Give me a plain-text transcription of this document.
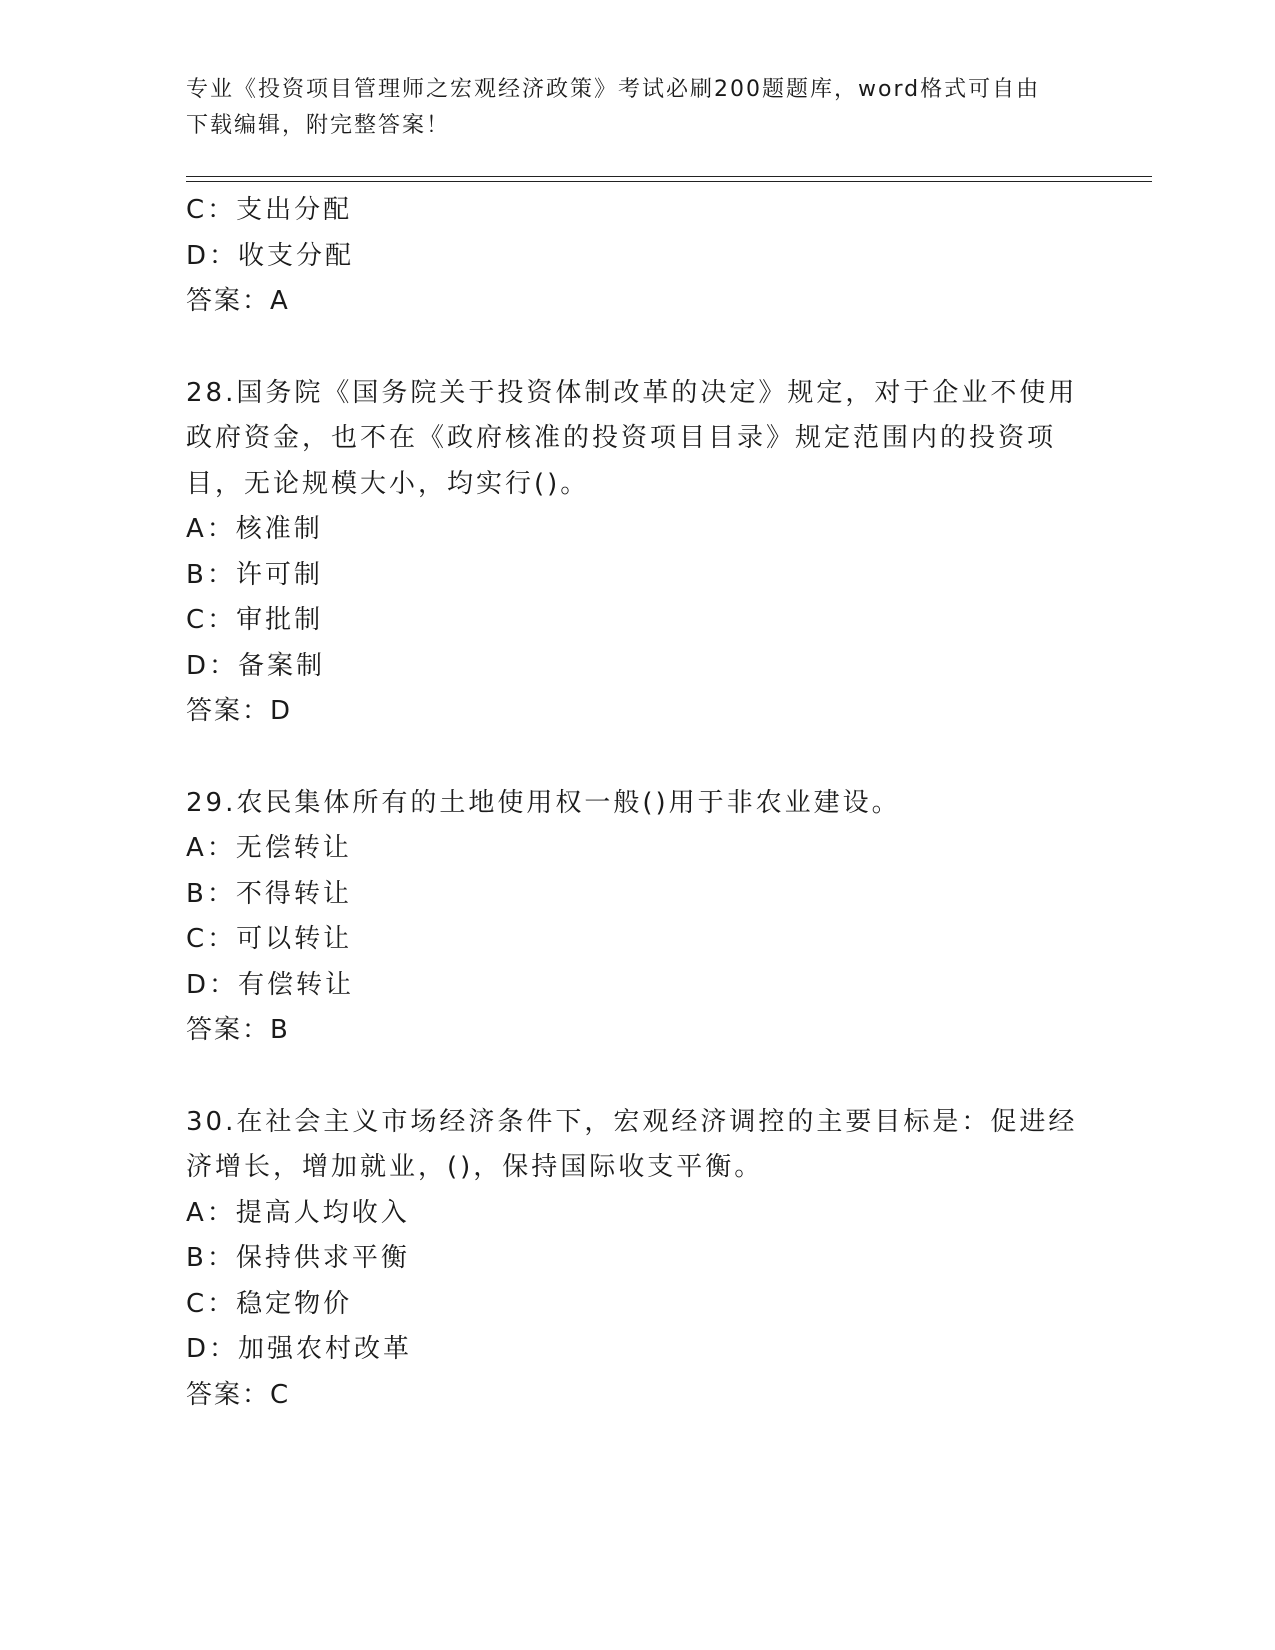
专业《投资项目管理师之宏观经济政策》考试必刷200题题库，word格式可自由
下载编辑，附完整答案！
C：支出分配
D：收支分配
答案：A
28.国务院《国务院关于投资体制改革的决定》规定，对于企业不使用
政府资金，也不在《政府核准的投资项目目录》规定范围内的投资项
目，无论规模大小，均实行()。
A：核准制
B：许可制
C：审批制
D：备案制
答案：D
29.农民集体所有的土地使用权一般()用于非农业建设。
A：无偿转让
B：不得转让
C：可以转让
D：有偿转让
答案：B
30.在社会主义市场经济条件下，宏观经济调控的主要目标是：促进经
济增长，增加就业，()，保持国际收支平衡。
A：提高人均收入
B：保持供求平衡
C：稳定物价
D：加强农村改革
答案：C
